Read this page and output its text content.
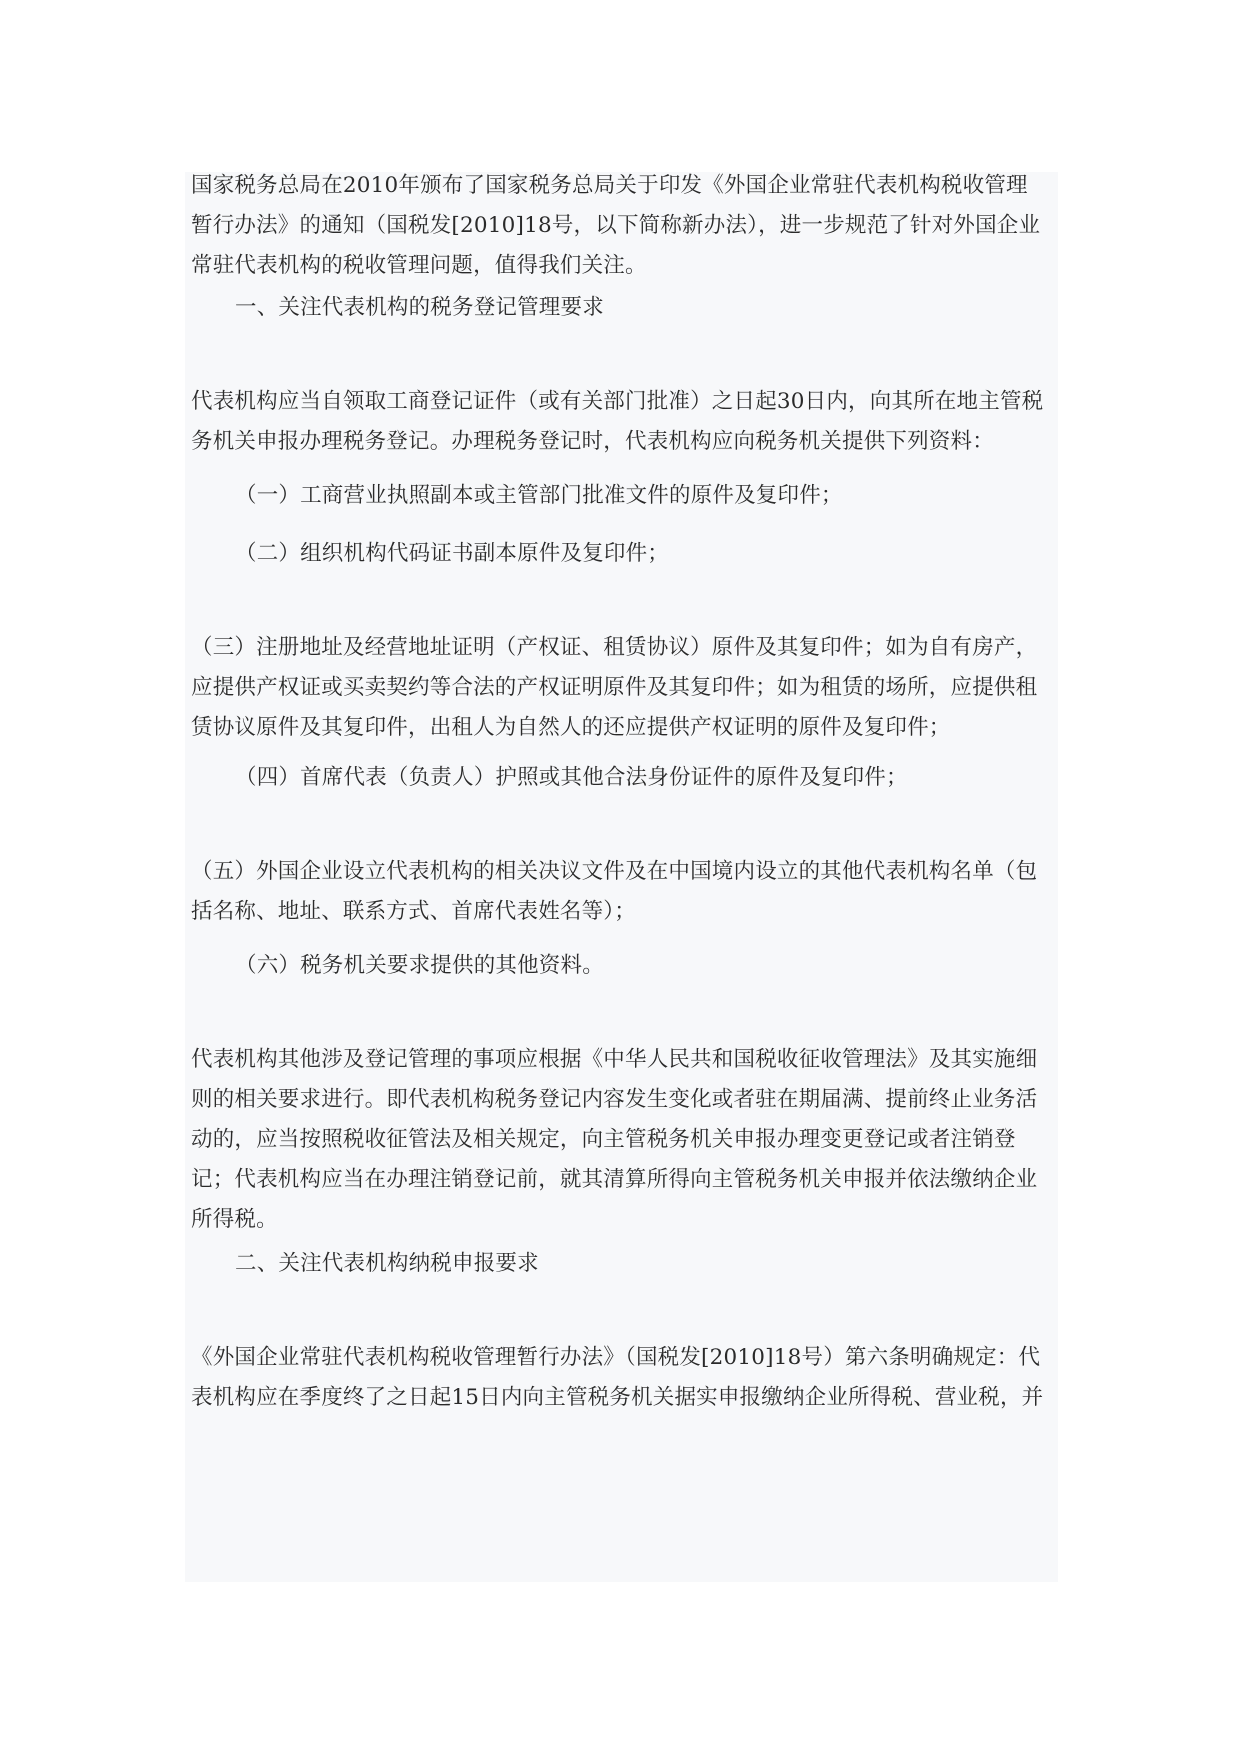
国家税务总局在2010年颁布了国家税务总局关于印发《外国企业常驻代表机构税收管理暂行办法》的通知（国税发[2010]18号，以下简称新办法），进一步规范了针对外国企业常驻代表机构的税收管理问题，值得我们关注。

一、关注代表机构的税务登记管理要求

代表机构应当自领取工商登记证件（或有关部门批准）之日起30日内，向其所在地主管税务机关申报办理税务登记。办理税务登记时，代表机构应向税务机关提供下列资料：

（一）工商营业执照副本或主管部门批准文件的原件及复印件；

（二）组织机构代码证书副本原件及复印件；

（三）注册地址及经营地址证明（产权证、租赁协议）原件及其复印件；如为自有房产，应提供产权证或买卖契约等合法的产权证明原件及其复印件；如为租赁的场所，应提供租赁协议原件及其复印件，出租人为自然人的还应提供产权证明的原件及复印件；

（四）首席代表（负责人）护照或其他合法身份证件的原件及复印件；

（五）外国企业设立代表机构的相关决议文件及在中国境内设立的其他代表机构名单（包括名称、地址、联系方式、首席代表姓名等）；

（六）税务机关要求提供的其他资料。

代表机构其他涉及登记管理的事项应根据《中华人民共和国税收征收管理法》及其实施细则的相关要求进行。即代表机构税务登记内容发生变化或者驻在期届满、提前终止业务活动的，应当按照税收征管法及相关规定，向主管税务机关申报办理变更登记或者注销登记；代表机构应当在办理注销登记前，就其清算所得向主管税务机关申报并依法缴纳企业所得税。

二、关注代表机构纳税申报要求

《外国企业常驻代表机构税收管理暂行办法》（国税发[2010]18号）第六条明确规定：代表机构应在季度终了之日起15日内向主管税务机关据实申报缴纳企业所得税、营业税，并
